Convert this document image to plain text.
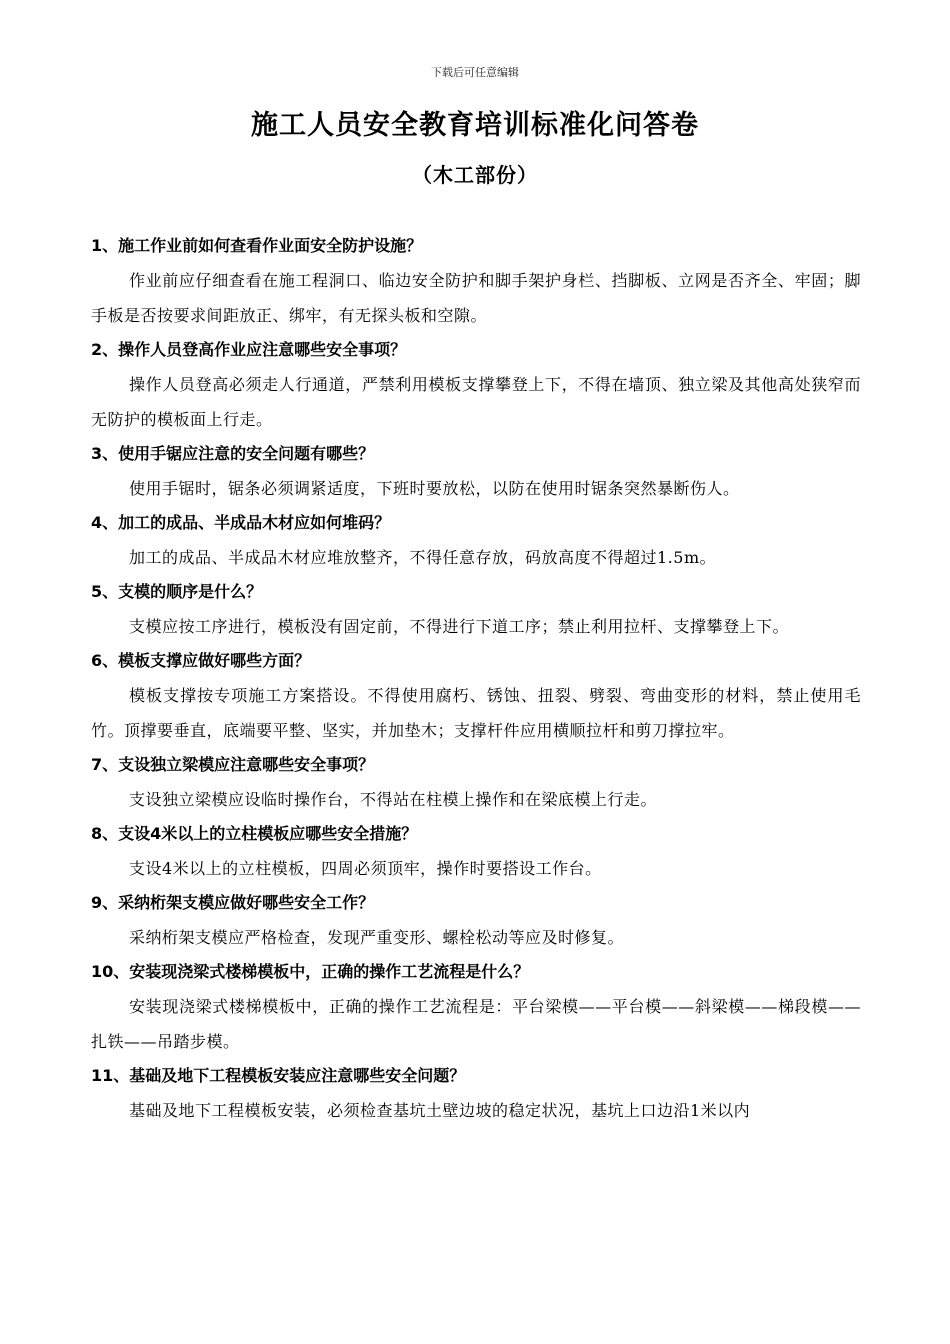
下载后可任意编辑
施工人员安全教育培训标准化问答卷
（木工部份）

1、施工作业前如何查看作业面安全防护设施？

作业前应仔细查看在施工程洞口、临边安全防护和脚手架护身栏、挡脚板、立网是否齐全、牢固；脚手板是否按要求间距放正、绑牢，有无探头板和空隙。

2、操作人员登高作业应注意哪些安全事项？

操作人员登高必须走人行通道，严禁利用模板支撑攀登上下，不得在墙顶、独立梁及其他高处狭窄而无防护的模板面上行走。

3、使用手锯应注意的安全问题有哪些？

使用手锯时，锯条必须调紧适度，下班时要放松，以防在使用时锯条突然暴断伤人。

4、加工的成品、半成品木材应如何堆码？

加工的成品、半成品木材应堆放整齐，不得任意存放，码放高度不得超过1.5m。

5、支模的顺序是什么？

支模应按工序进行，模板没有固定前，不得进行下道工序；禁止利用拉杆、支撑攀登上下。

6、模板支撑应做好哪些方面？

模板支撑按专项施工方案搭设。不得使用腐朽、锈蚀、扭裂、劈裂、弯曲变形的材料，禁止使用毛竹。顶撑要垂直，底端要平整、坚实，并加垫木；支撑杆件应用横顺拉杆和剪刀撑拉牢。

7、支设独立梁模应注意哪些安全事项？

支设独立梁模应设临时操作台，不得站在柱模上操作和在梁底模上行走。

8、支设4米以上的立柱模板应哪些安全措施？

支设4米以上的立柱模板，四周必须顶牢，操作时要搭设工作台。

9、采纳桁架支模应做好哪些安全工作？

采纳桁架支模应严格检查，发现严重变形、螺栓松动等应及时修复。

10、安装现浇梁式楼梯模板中，正确的操作工艺流程是什么？

安装现浇梁式楼梯模板中，正确的操作工艺流程是：平台梁模——平台模——斜梁模——梯段模——扎铁——吊踏步模。

11、基础及地下工程模板安装应注意哪些安全问题？

基础及地下工程模板安装，必须检查基坑土壁边坡的稳定状况，基坑上口边沿1米以内
